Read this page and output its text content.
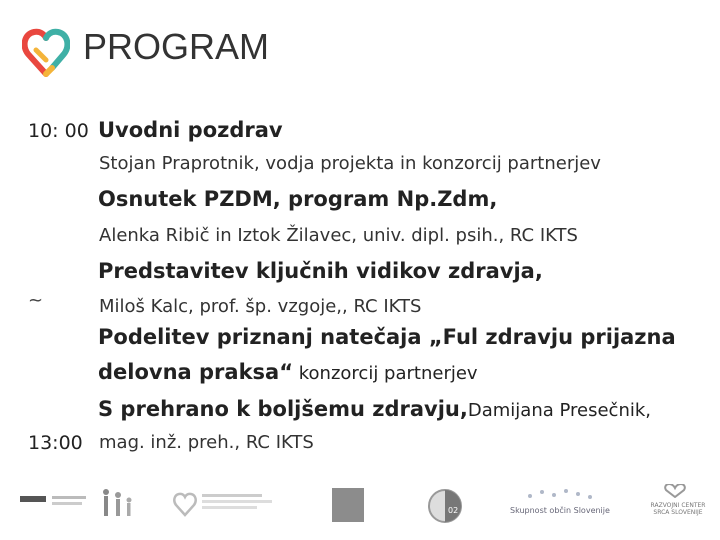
PROGRAM
10: 00 Uvodni pozdrav
Stojan Praprotnik, vodja projekta in konzorcij partnerjev
Osnutek PZDM, program Np.Zdm,
Alenka Ribič in Iztok Žilavec, univ. dipl. psih., RC IKTS
Predstavitev ključnih vidikov zdravja,
~	Miloš Kalc, prof. šp. vzgoje,, RC IKTS
Podelitev priznanj natečaja „Ful zdravju prijazna
delovna praksa“ konzorcij partnerjev
S prehrano k boljšemu zdravju,Damijana Presečnik,
13:00 mag. inž. preh., RC IKTS
02	Skupnost občin Slovenije
RAZVOJNI CENTER SRCA SLOVENIJE
